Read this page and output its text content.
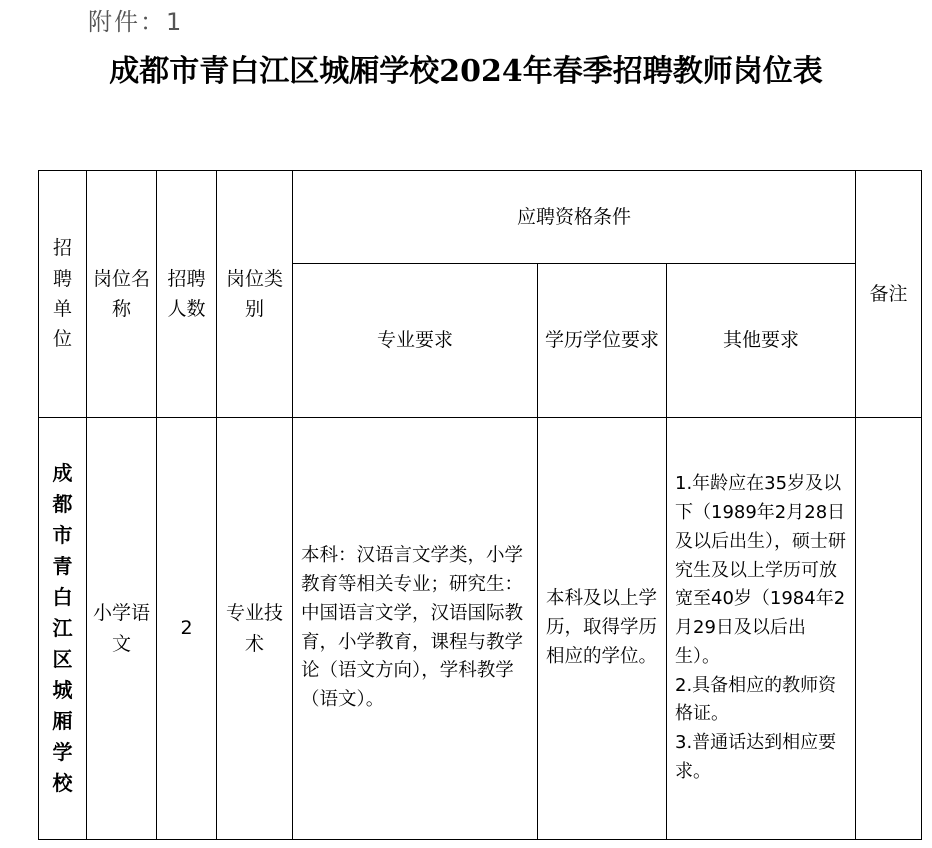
附件：1
成都市青白江区城厢学校2024年春季招聘教师岗位表
招聘单位	岗位名称	招聘人数	岗位类别	应聘资格条件			备注
				专业要求	学历学位要求	其他要求	
成都市青白江区城厢学校	小学语文	2	专业技术	本科：汉语言文学类，小学教育等相关专业；研究生：中国语言文学，汉语国际教育，小学教育，课程与教学论（语文方向），学科教学（语文）。	本科及以上学历，取得学历相应的学位。	1.年龄应在35岁及以下（1989年2月28日及以后出生），硕士研究生及以上学历可放宽至40岁（1984年2月29日及以后出生）。
2.具备相应的教师资格证。
3.普通话达到相应要求。	
